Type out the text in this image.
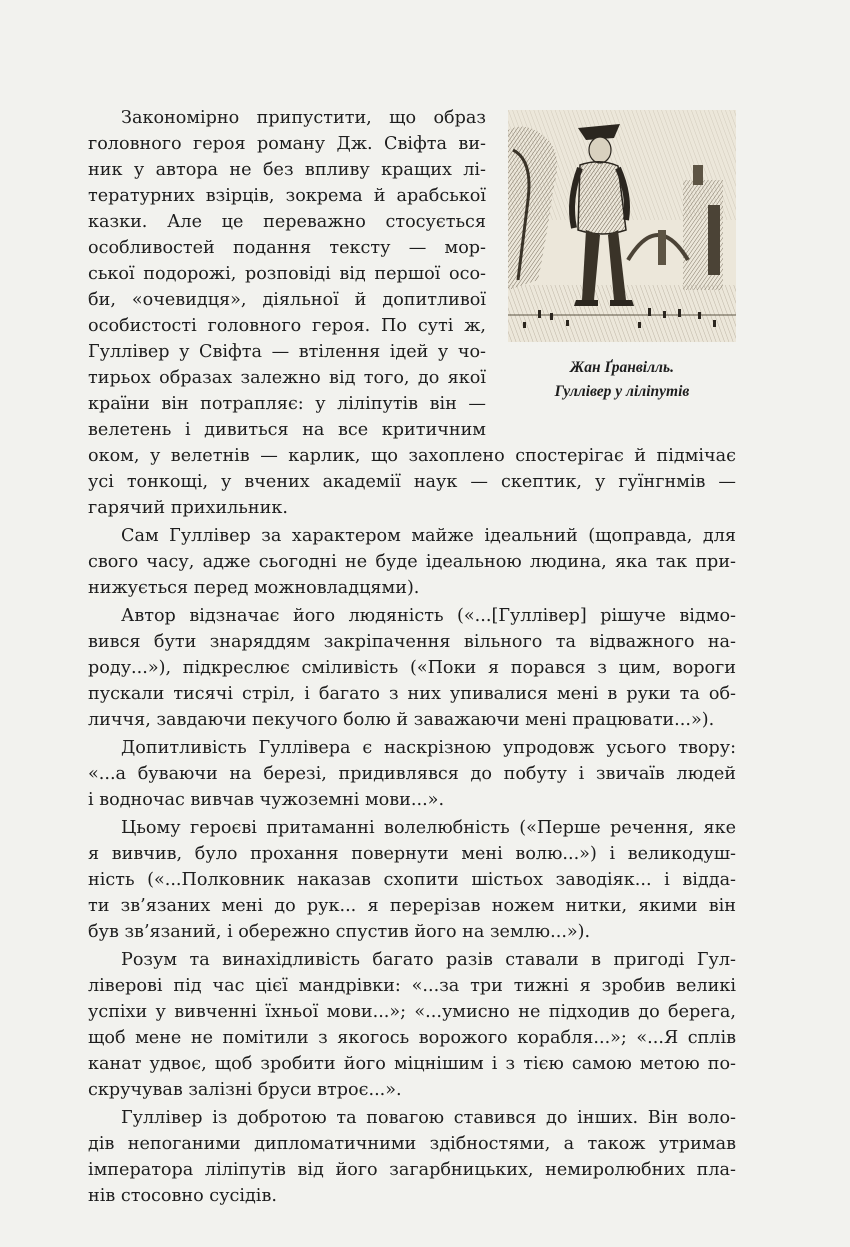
Жан Ґранвілль.
Гуллівер у ліліпутів
Закономірно припустити, що образ
головного героя роману Дж. Свіфта ви-
ник у автора не без впливу кращих лі-
тературних взірців, зокрема й арабської
казки. Але це переважно стосується
особливостей подання тексту — мор-
ської подорожі, розповіді від першої осо-
би, «очевидця», діяльної й допитливої
особистості головного героя. По суті ж,
Гуллівер у Свіфта — втілення ідей у чо-
тирьох образах залежно від того, до якої
країни він потрапляє: у ліліпутів він —
велетень і дивиться на все критичним
оком, у велетнів — карлик, що захоплено спостерігає й підмічає
усі тонкощі, у вчених академії наук — скептик, у гуїнгнмів —
гарячий прихильник.
Сам Гуллівер за характером майже ідеальний (щоправда, для
свого часу, адже сьогодні не буде ідеальною людина, яка так при-
нижується перед можновладцями).
Автор відзначає його людяність («...[Гуллівер] рішуче відмо-
вився бути знаряддям закріпачення вільного та відважного на-
роду...»), підкреслює сміливість («Поки я порався з цим, вороги
пускали тисячі стріл, і багато з них упивалися мені в руки та об-
личчя, завдаючи пекучого болю й заважаючи мені працювати...»).
Допитливість Гуллівера є наскрізною упродовж усього твору:
«...а буваючи на березі, придивлявся до побуту і звичаїв людей
і водночас вивчав чужоземні мови...».
Цьому героєві притаманні волелюбність («Перше речення, яке
я вивчив, було прохання повернути мені волю...») і великодуш-
ність («...Полковник наказав схопити шістьох заводіяк... і відда-
ти зв’язаних мені до рук... я перерізав ножем нитки, якими він
був зв’язаний, і обережно спустив його на землю...»).
Розум та винахідливість багато разів ставали в пригоді Гул-
ліверові під час цієї мандрівки: «...за три тижні я зробив великі
успіхи у вивченні їхньої мови...»; «...умисно не підходив до берега,
щоб мене не помітили з якогось ворожого корабля...»; «...Я сплів
канат удвоє, щоб зробити його міцнішим і з тією самою метою по-
скручував залізні бруси втроє...».
Гуллівер із добротою та повагою ставився до інших. Він воло-
дів непоганими дипломатичними здібностями, а також утримав
імператора ліліпутів від його загарбницьких, немиролюбних пла-
нів стосовно сусідів.
